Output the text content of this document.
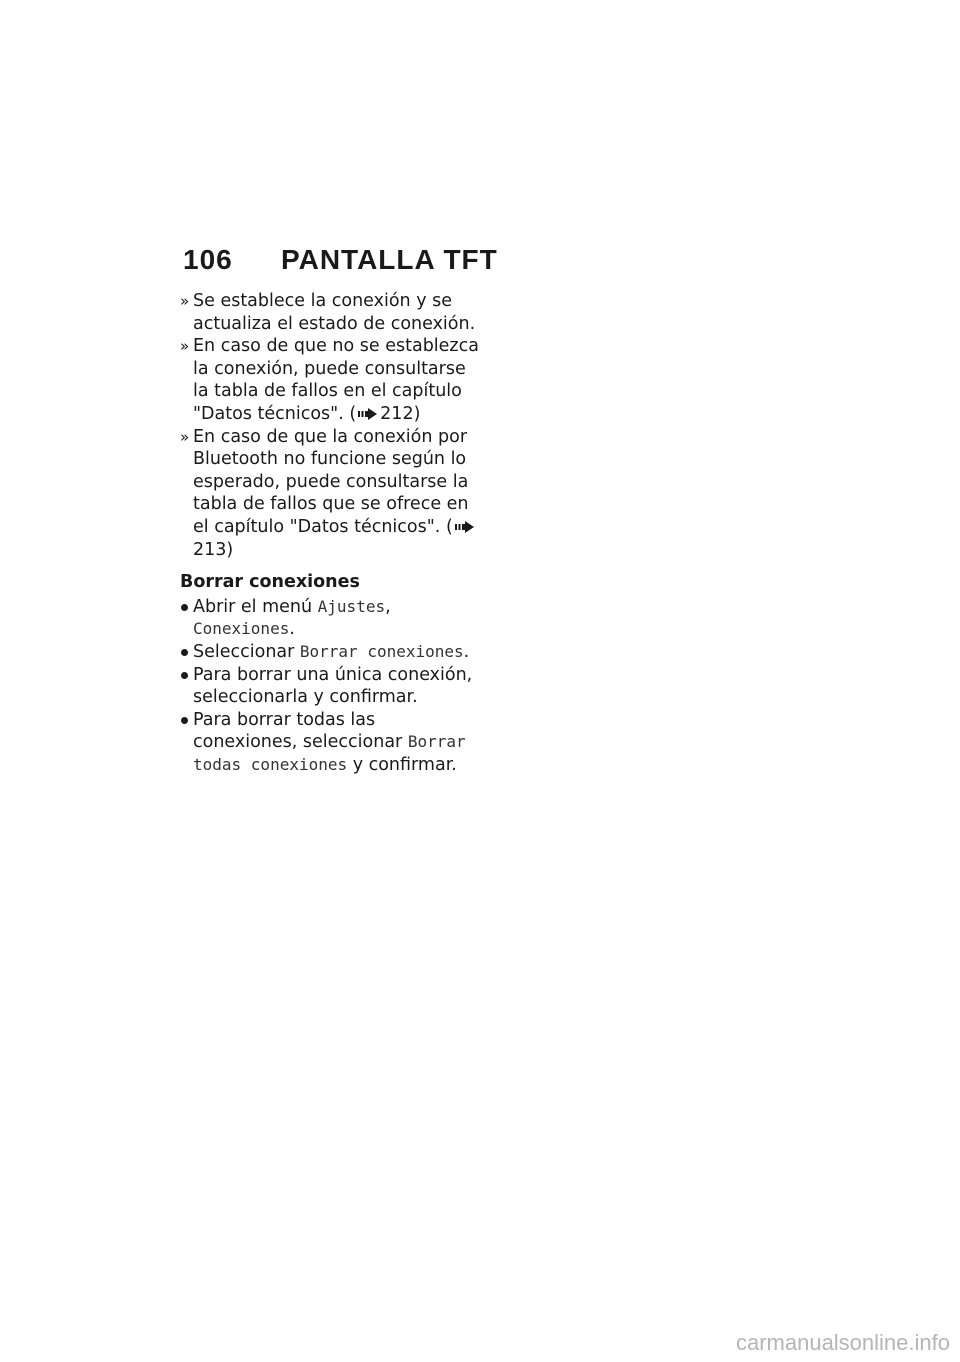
106	PANTALLA TFT

» Se establece la conexión y se actualiza el estado de conexión.

» En caso de que no se establezca la conexión, puede consultarse la tabla de fallos en el capítulo "Datos técnicos". ( 212)

» En caso de que la conexión por Bluetooth no funcione según lo esperado, puede consultarse la tabla de fallos que se ofrece en el capítulo "Datos técnicos". (213)

Borrar conexiones

Abrir el menú Ajustes, Conexiones.

Seleccionar Borrar conexiones.

Para borrar una única conexión, seleccionarla y confirmar.

Para borrar todas las conexiones, seleccionar Borrar todas conexiones y confirmar.

carmanualsonline.info
